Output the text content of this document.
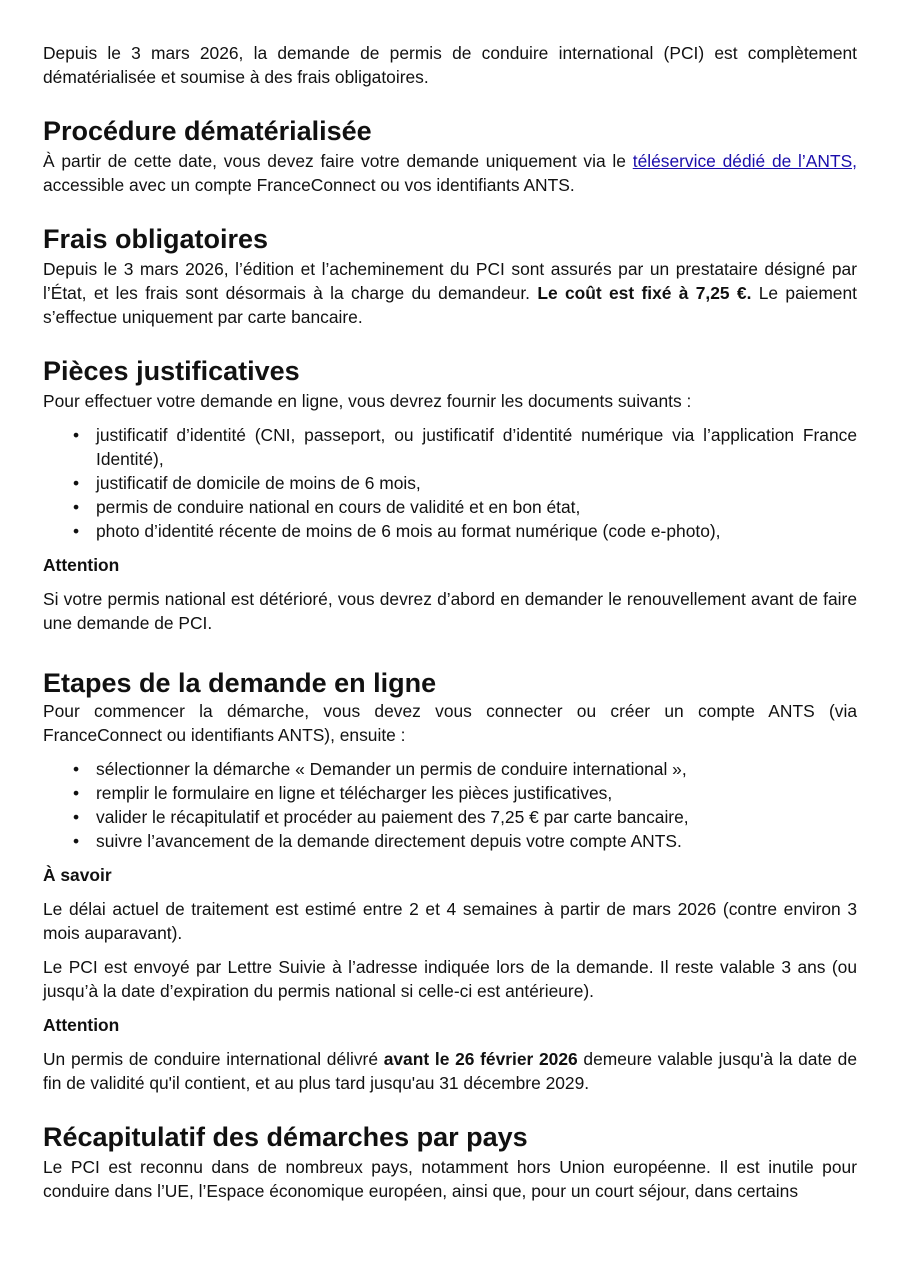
Depuis le 3 mars 2026, la demande de permis de conduire international (PCI) est complètement dématérialisée et soumise à des frais obligatoires.

Procédure dématérialisée

À partir de cette date, vous devez faire votre demande uniquement via le téléservice dédié de l’ANTS, accessible avec un compte FranceConnect ou vos identifiants ANTS.

Frais obligatoires

Depuis le 3 mars 2026, l’édition et l’acheminement du PCI sont assurés par un prestataire désigné par l’État, et les frais sont désormais à la charge du demandeur. Le coût est fixé à 7,25 €. Le paiement s’effectue uniquement par carte bancaire.

Pièces justificatives

Pour effectuer votre demande en ligne, vous devrez fournir les documents suivants :

• justificatif d’identité (CNI, passeport, ou justificatif d’identité numérique via l’application France Identité),
• justificatif de domicile de moins de 6 mois,
• permis de conduire national en cours de validité et en bon état,
• photo d’identité récente de moins de 6 mois au format numérique (code e-photo),
Attention

Si votre permis national est détérioré, vous devrez d’abord en demander le renouvellement avant de faire une demande de PCI.

Etapes de la demande en ligne

Pour commencer la démarche, vous devez vous connecter ou créer un compte ANTS (via FranceConnect ou identifiants ANTS), ensuite :

• sélectionner la démarche « Demander un permis de conduire international »,
• remplir le formulaire en ligne et télécharger les pièces justificatives,
• valider le récapitulatif et procéder au paiement des 7,25 € par carte bancaire,
• suivre l’avancement de la demande directement depuis votre compte ANTS.
À savoir

Le délai actuel de traitement est estimé entre 2 et 4 semaines à partir de mars 2026 (contre environ 3 mois auparavant).

Le PCI est envoyé par Lettre Suivie à l’adresse indiquée lors de la demande. Il reste valable 3 ans (ou jusqu’à la date d’expiration du permis national si celle-ci est antérieure).

Attention

Un permis de conduire international délivré avant le 26 février 2026 demeure valable jusqu'à la date de fin de validité qu'il contient, et au plus tard jusqu'au 31 décembre 2029.

Récapitulatif des démarches par pays

Le PCI est reconnu dans de nombreux pays, notamment hors Union européenne. Il est inutile pour conduire dans l’UE, l’Espace économique européen, ainsi que, pour un court séjour, dans certains
